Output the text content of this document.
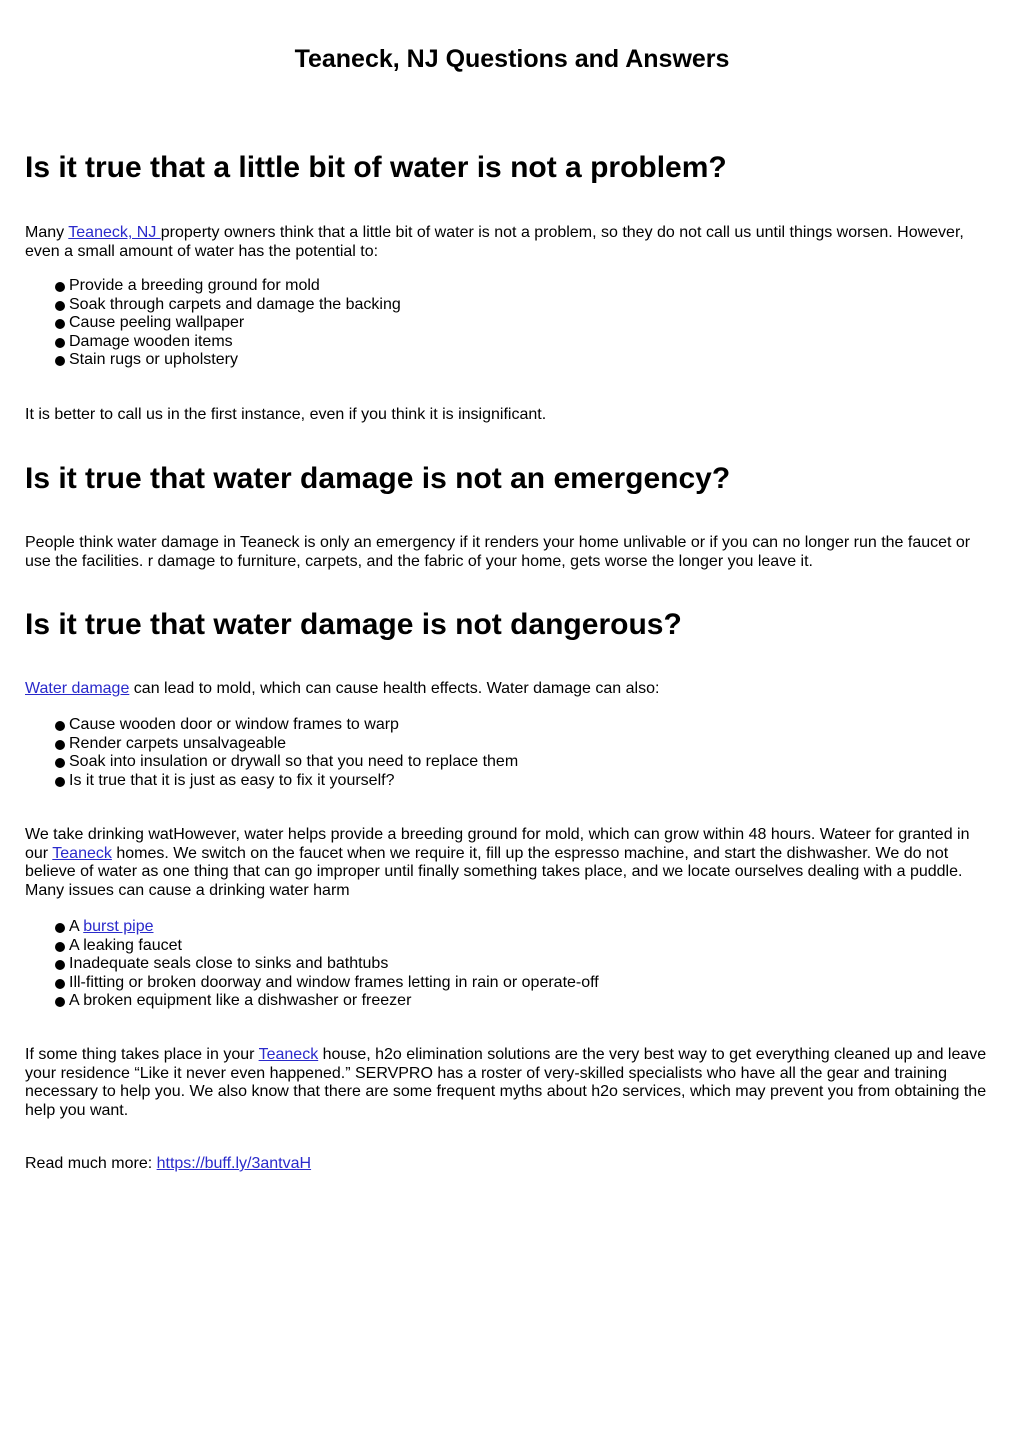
Teaneck, NJ Questions and Answers
Is it true that a little bit of water is not a problem?

Many Teaneck, NJ property owners think that a little bit of water is not a problem, so they do not call us until things worsen. However, even a small amount of water has the potential to:

Provide a breeding ground for mold
Soak through carpets and damage the backing
Cause peeling wallpaper
Damage wooden items
Stain rugs or upholstery

It is better to call us in the first instance, even if you think it is insignificant.

Is it true that water damage is not an emergency?

People think water damage in Teaneck is only an emergency if it renders your home unlivable or if you can no longer run the faucet or use the facilities. r damage to furniture, carpets, and the fabric of your home, gets worse the longer you leave it.

Is it true that water damage is not dangerous?

Water damage can lead to mold, which can cause health effects. Water damage can also:

Cause wooden door or window frames to warp
Render carpets unsalvageable
Soak into insulation or drywall so that you need to replace them
Is it true that it is just as easy to fix it yourself?

We take drinking watHowever, water helps provide a breeding ground for mold, which can grow within 48 hours. Wateer for granted in our Teaneck homes. We switch on the faucet when we require it, fill up the espresso machine, and start the dishwasher. We do not believe of water as one thing that can go improper until finally something takes place, and we locate ourselves dealing with a puddle. Many issues can cause a drinking water harm

A burst pipe
A leaking faucet
Inadequate seals close to sinks and bathtubs
Ill-fitting or broken doorway and window frames letting in rain or operate-off
A broken equipment like a dishwasher or freezer

If some thing takes place in your Teaneck house, h2o elimination solutions are the very best way to get everything cleaned up and leave your residence “Like it never even happened.” SERVPRO has a roster of very-skilled specialists who have all the gear and training necessary to help you. We also know that there are some frequent myths about h2o services, which may prevent you from obtaining the help you want.

Read much more: https://buff.ly/3antvaH
